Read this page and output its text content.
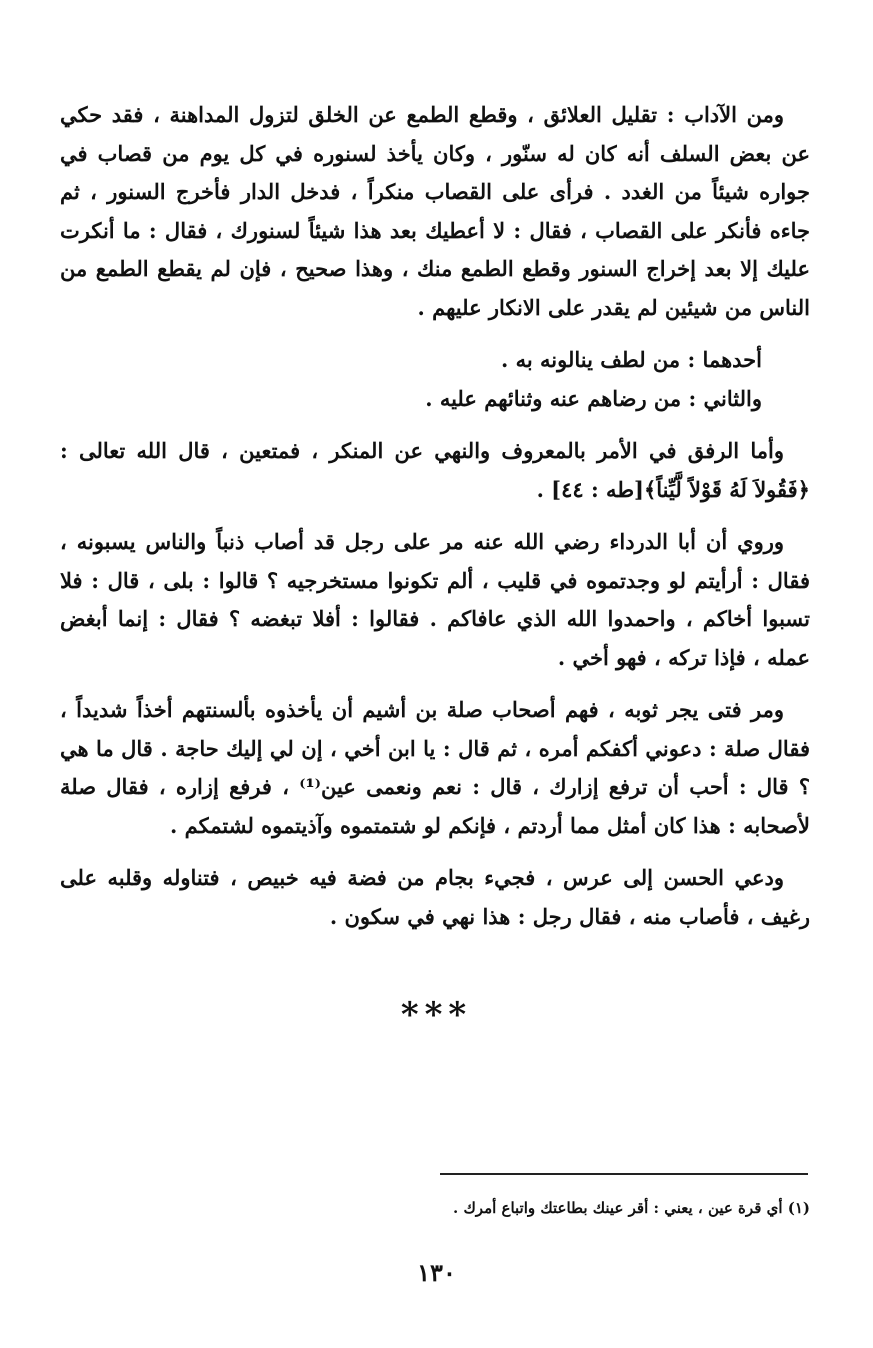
ومن الآداب : تقليل العلائق ، وقطع الطمع عن الخلق لتزول المداهنة ، فقد حكي عن بعض السلف أنه كان له سنّور ، وكان يأخذ لسنوره في كل يوم من قصاب في جواره شيئاً من الغدد . فرأى على القصاب منكراً ، فدخل الدار فأخرج السنور ، ثم جاءه فأنكر على القصاب ، فقال : لا أعطيك بعد هذا شيئاً لسنورك ، فقال : ما أنكرت عليك إلا بعد إخراج السنور وقطع الطمع منك ، وهذا صحيح ، فإن لم يقطع الطمع من الناس من شيئين لم يقدر على الانكار عليهم .

أحدهما : من لطف ينالونه به .

والثاني : من رضاهم عنه وثنائهم عليه .

وأما الرفق في الأمر بالمعروف والنهي عن المنكر ، فمتعين ، قال الله تعالى : ﴿فَقُولاَ لَهُ قَوْلاً لَّيِّناً﴾[طه : ٤٤] .

وروي أن أبا الدرداء رضي الله عنه مر على رجل قد أصاب ذنباً والناس يسبونه ، فقال : أرأيتم لو وجدتموه في قليب ، ألم تكونوا مستخرجيه ؟ قالوا : بلى ، قال : فلا تسبوا أخاكم ، واحمدوا الله الذي عافاكم . فقالوا : أفلا تبغضه ؟ فقال : إنما أبغض عمله ، فإذا تركه ، فهو أخي .

ومر فتى يجر ثوبه ، فهم أصحاب صلة بن أشيم أن يأخذوه بألسنتهم أخذاً شديداً ، فقال صلة : دعوني أكفكم أمره ، ثم قال : يا ابن أخي ، إن لي إليك حاجة . قال ما هي ؟ قال : أحب أن ترفع إزارك ، قال : نعم ونعمى عين⁽¹⁾ ، فرفع إزاره ، فقال صلة لأصحابه : هذا كان أمثل مما أردتم ، فإنكم لو شتمتموه وآذيتموه لشتمكم .

ودعي الحسن إلى عرس ، فجيء بجام من فضة فيه خبيص ، فتناوله وقلبه على رغيف ، فأصاب منه ، فقال رجل : هذا نهي في سكون .

***
(١) أي قرة عين ، يعني : أقر عينك بطاعتك واتباع أمرك .
١٣٠
